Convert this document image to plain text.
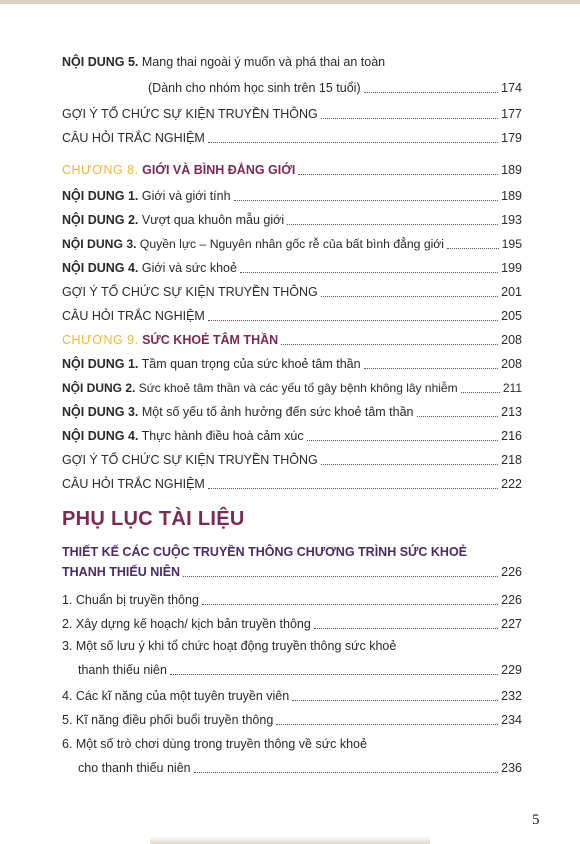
NỘI DUNG 5. Mang thai ngoài ý muốn và phá thai an toàn
(Dành cho nhóm học sinh trên 15 tuổi)	174
GỢI Ý TỔ CHỨC SỰ KIỆN TRUYỀN THÔNG	177
CÂU HỎI TRẮC NGHIỆM	179
CHƯƠNG 8. GIỚI VÀ BÌNH ĐẲNG GIỚI	189
NỘI DUNG 1. Giới và giới tính	189
NỘI DUNG 2. Vượt qua khuôn mẫu giới	193
NỘI DUNG 3. Quyền lực – Nguyên nhân gốc rễ của bất bình đẳng giới	195
NỘI DUNG 4. Giới và sức khoẻ	199
GỢI Ý TỔ CHỨC SỰ KIỆN TRUYỀN THÔNG	201
CÂU HỎI TRẮC NGHIỆM	205
CHƯƠNG 9. SỨC KHOẺ TÂM THẦN	208
NỘI DUNG 1. Tầm quan trọng của sức khoẻ tâm thần	208
NỘI DUNG 2. Sức khoẻ tâm thần và các yếu tố gây bệnh không lây nhiễm	211
NỘI DUNG 3. Một số yếu tố ảnh hưởng đến sức khoẻ tâm thần	213
NỘI DUNG 4. Thực hành điều hoà cảm xúc	216
GỢI Ý TỔ CHỨC SỰ KIỆN TRUYỀN THÔNG	218
CÂU HỎI TRẮC NGHIỆM	222
PHỤ LỤC TÀI LIỆU
THIẾT KẾ CÁC CUỘC TRUYỀN THÔNG CHƯƠNG TRÌNH SỨC KHOẺ
THANH THIẾU NIÊN	226
1. Chuẩn bị truyền thông	226
2. Xây dựng kế hoạch/ kịch bản truyền thông	227
3. Một số lưu ý khi tổ chức hoạt động truyền thông sức khoẻ
thanh thiếu niên	229
4. Các kĩ năng của một tuyên truyền viên	232
5. Kĩ năng điều phối buổi truyền thông	234
6. Một số trò chơi dùng trong truyền thông về sức khoẻ
cho thanh thiếu niên	236
5
